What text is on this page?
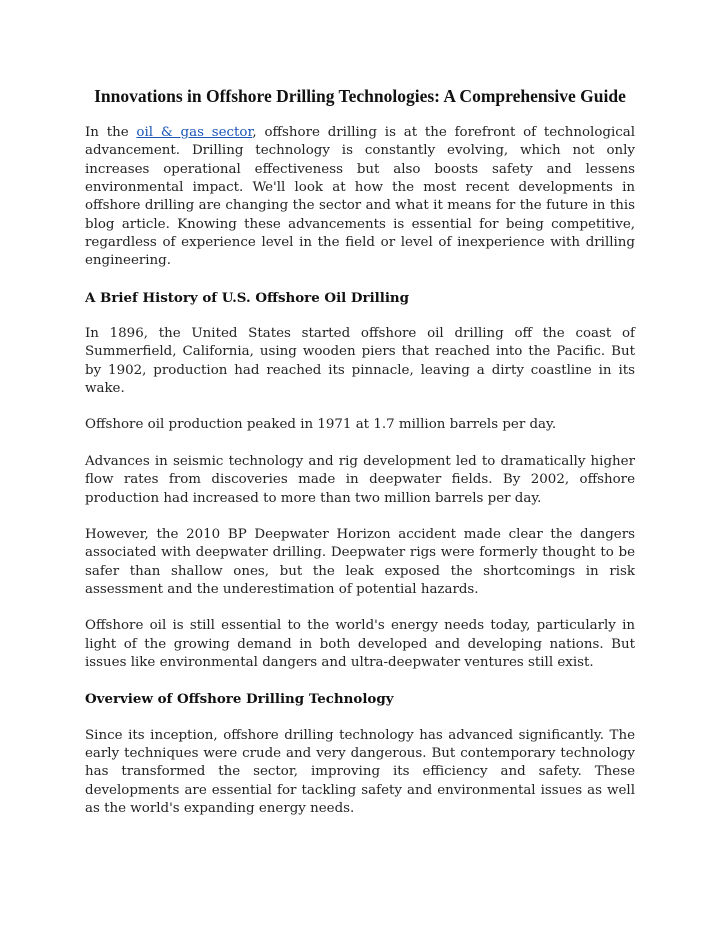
Innovations in Offshore Drilling Technologies: A Comprehensive Guide

In the oil & gas sector, offshore drilling is at the forefront of technological advancement. Drilling technology is constantly evolving, which not only increases operational effectiveness but also boosts safety and lessens environmental impact. We'll look at how the most recent developments in offshore drilling are changing the sector and what it means for the future in this blog article. Knowing these advancements is essential for being competitive, regardless of experience level in the field or level of inexperience with drilling engineering.

A Brief History of U.S. Offshore Oil Drilling

In 1896, the United States started offshore oil drilling off the coast of Summerfield, California, using wooden piers that reached into the Pacific. But by 1902, production had reached its pinnacle, leaving a dirty coastline in its wake.

Offshore oil production peaked in 1971 at 1.7 million barrels per day.

Advances in seismic technology and rig development led to dramatically higher flow rates from discoveries made in deepwater fields. By 2002, offshore production had increased to more than two million barrels per day.

However, the 2010 BP Deepwater Horizon accident made clear the dangers associated with deepwater drilling. Deepwater rigs were formerly thought to be safer than shallow ones, but the leak exposed the shortcomings in risk assessment and the underestimation of potential hazards.

Offshore oil is still essential to the world's energy needs today, particularly in light of the growing demand in both developed and developing nations. But issues like environmental dangers and ultra-deepwater ventures still exist.

Overview of Offshore Drilling Technology

Since its inception, offshore drilling technology has advanced significantly. The early techniques were crude and very dangerous. But contemporary technology has transformed the sector, improving its efficiency and safety. These developments are essential for tackling safety and environmental issues as well as the world's expanding energy needs.
